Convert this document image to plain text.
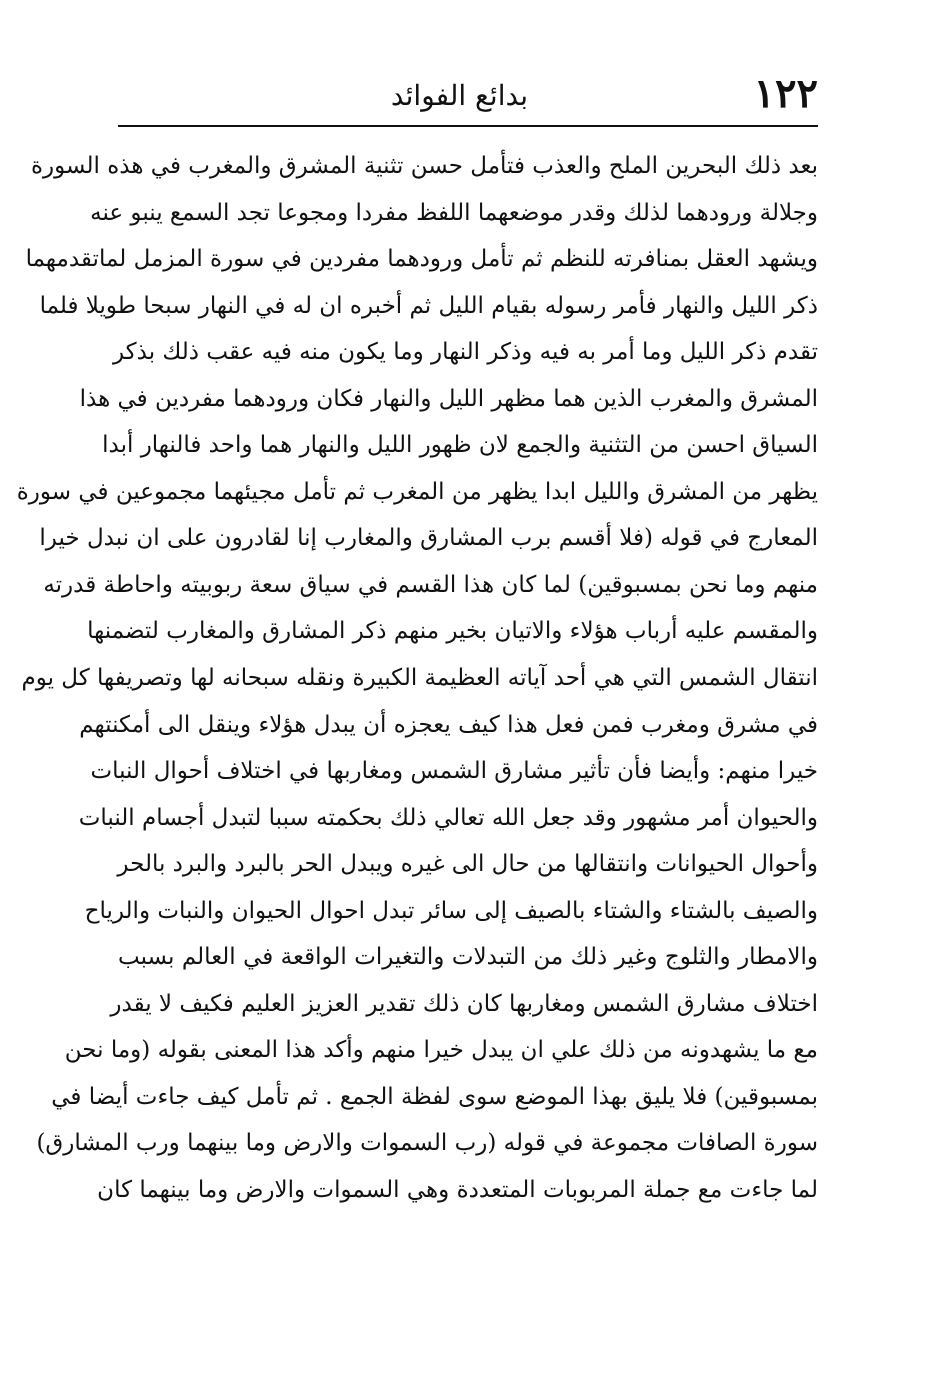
١٢٢
بدائع الفوائد
بعد ذلك البحرين الملح والعذب فتأمل حسن تثنية المشرق والمغرب في هذه السورة
وجلالة ورودهما لذلك وقدر موضعهما اللفظ مفردا ومجوعا تجد السمع ينبو عنه
ويشهد العقل بمنافرته للنظم ثم تأمل ورودهما مفردين في سورة المزمل لماتقدمهما
ذكر الليل والنهار فأمر رسوله بقيام الليل ثم أخبره ان له في النهار سبحا طويلا فلما
تقدم ذكر الليل وما أمر به فيه وذكر النهار وما يكون منه فيه عقب ذلك بذكر
المشرق والمغرب الذين هما مظهر الليل والنهار فكان ورودهما مفردين في هذا
السياق احسن من التثنية والجمع لان ظهور الليل والنهار هما واحد فالنهار أبدا
يظهر من المشرق والليل ابدا يظهر من المغرب ثم تأمل مجيئهما مجموعين في سورة
المعارج في قوله (فلا أقسم برب المشارق والمغارب إنا لقادرون على ان نبدل خيرا
منهم وما نحن بمسبوقين) لما كان هذا القسم في سياق سعة ربوبيته واحاطة قدرته
والمقسم عليه أرباب هؤلاء والاتيان بخير منهم ذكر المشارق والمغارب لتضمنها
انتقال الشمس التي هي أحد آياته العظيمة الكبيرة ونقله سبحانه لها وتصريفها كل يوم
في مشرق ومغرب فمن فعل هذا كيف يعجزه أن يبدل هؤلاء وينقل الى أمكنتهم
خيرا منهم: وأيضا فأن تأثير مشارق الشمس ومغاربها في اختلاف أحوال النبات
والحيوان أمر مشهور وقد جعل الله تعالي ذلك بحكمته سببا لتبدل أجسام النبات
وأحوال الحيوانات وانتقالها من حال الى غيره ويبدل الحر بالبرد والبرد بالحر
والصيف بالشتاء والشتاء بالصيف إلى سائر تبدل احوال الحيوان والنبات والرياح
والامطار والثلوج وغير ذلك من التبدلات والتغيرات الواقعة في العالم بسبب
اختلاف مشارق الشمس ومغاربها كان ذلك تقدير العزيز العليم فكيف لا يقدر
مع ما يشهدونه من ذلك علي ان يبدل خيرا منهم وأكد هذا المعنى بقوله (وما نحن
بمسبوقين) فلا يليق بهذا الموضع سوى لفظة الجمع . ثم تأمل كيف جاءت أيضا في
سورة الصافات مجموعة في قوله (رب السموات والارض وما بينهما ورب المشارق)
لما جاءت مع جملة المربوبات المتعددة وهي السموات والارض وما بينهما كان
